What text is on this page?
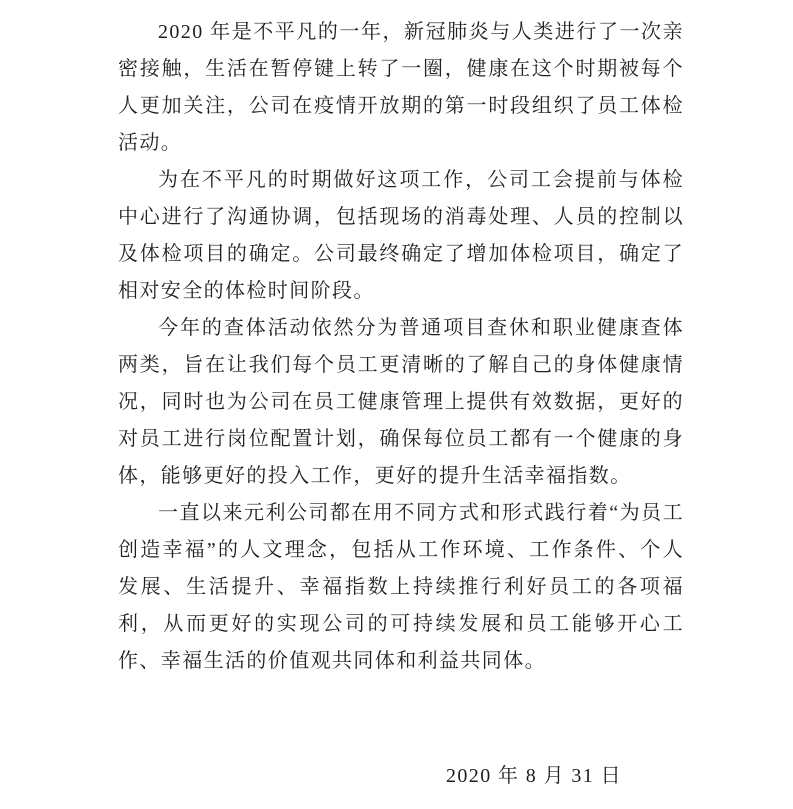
2020 年是不平凡的一年，新冠肺炎与人类进行了一次亲密接触，生活在暂停键上转了一圈，健康在这个时期被每个人更加关注，公司在疫情开放期的第一时段组织了员工体检活动。

为在不平凡的时期做好这项工作，公司工会提前与体检中心进行了沟通协调，包括现场的消毒处理、人员的控制以及体检项目的确定。公司最终确定了增加体检项目，确定了相对安全的体检时间阶段。

今年的查体活动依然分为普通项目查休和职业健康查体两类，旨在让我们每个员工更清晰的了解自己的身体健康情况，同时也为公司在员工健康管理上提供有效数据，更好的对员工进行岗位配置计划，确保每位员工都有一个健康的身体，能够更好的投入工作，更好的提升生活幸福指数。

一直以来元利公司都在用不同方式和形式践行着“为员工创造幸福”的人文理念，包括从工作环境、工作条件、个人发展、生活提升、幸福指数上持续推行利好员工的各项福利，从而更好的实现公司的可持续发展和员工能够开心工作、幸福生活的价值观共同体和利益共同体。

2020 年 8 月 31 日
